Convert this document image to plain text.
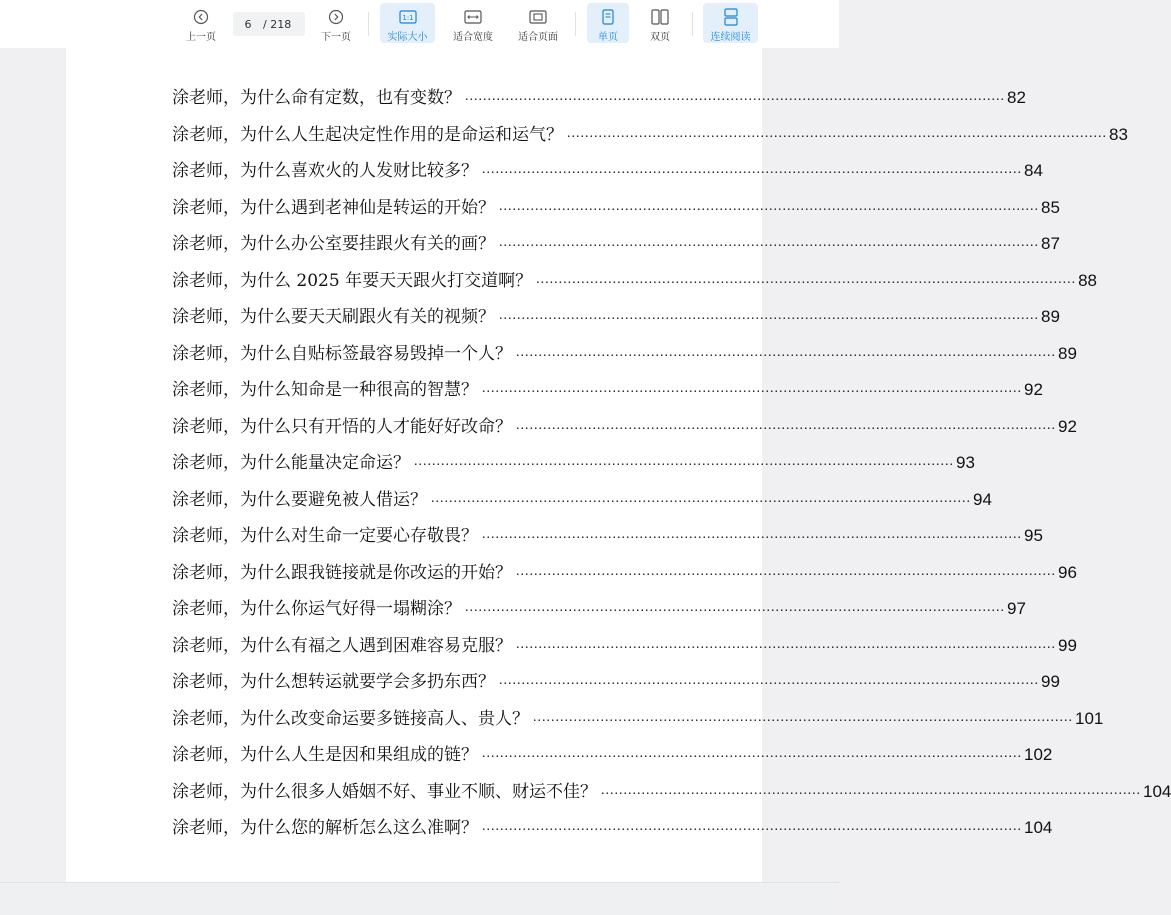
上一页
6
/ 218
下一页
1:1
实际大小	适合宽度	适合页面	单页	双页	连续阅读
涂老师，为什么命有定数，也有变数？ ........................................................................................................................ 82
涂老师，为什么人生起决定性作用的是命运和运气？ ........................................................................................................................ 83
涂老师，为什么喜欢火的人发财比较多？ ........................................................................................................................ 84
涂老师，为什么遇到老神仙是转运的开始？ ........................................................................................................................ 85
涂老师，为什么办公室要挂跟火有关的画？ ........................................................................................................................ 87
涂老师，为什么 2025 年要天天跟火打交道啊？ ........................................................................................................................ 88
涂老师，为什么要天天刷跟火有关的视频？ ........................................................................................................................ 89
涂老师，为什么自贴标签最容易毁掉一个人？ ........................................................................................................................ 89
涂老师，为什么知命是一种很高的智慧？ ........................................................................................................................ 92
涂老师，为什么只有开悟的人才能好好改命？ ........................................................................................................................ 92
涂老师，为什么能量决定命运？ ........................................................................................................................ 93
涂老师，为什么要避免被人借运？ ........................................................................................................................ 94
涂老师，为什么对生命一定要心存敬畏？ ........................................................................................................................ 95
涂老师，为什么跟我链接就是你改运的开始？ ........................................................................................................................ 96
涂老师，为什么你运气好得一塌糊涂？ ........................................................................................................................ 97
涂老师，为什么有福之人遇到困难容易克服？ ........................................................................................................................ 99
涂老师，为什么想转运就要学会多扔东西？ ........................................................................................................................ 99
涂老师，为什么改变命运要多链接高人、贵人？ ........................................................................................................................ 101
涂老师，为什么人生是因和果组成的链？ ........................................................................................................................ 102
涂老师，为什么很多人婚姻不好、事业不顺、财运不佳？ ........................................................................................................................ 104
涂老师，为什么您的解析怎么这么准啊？ ........................................................................................................................ 104
